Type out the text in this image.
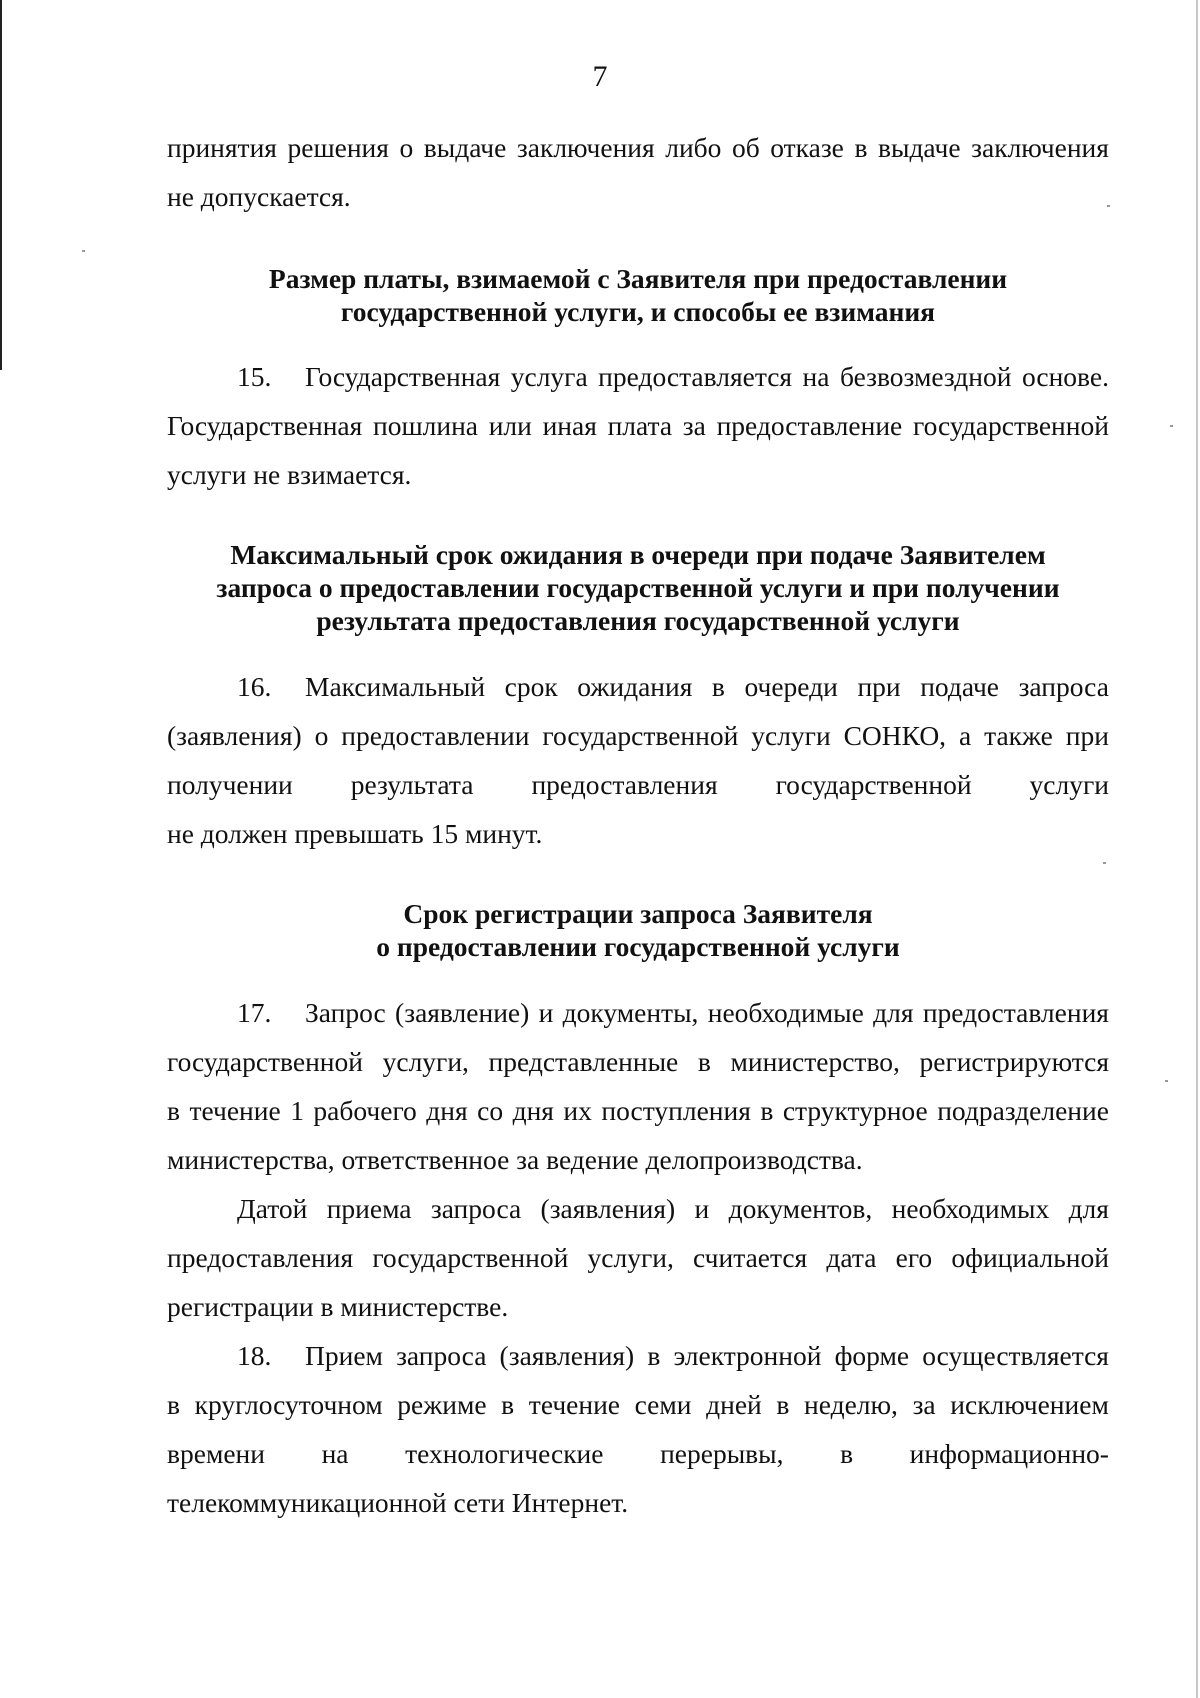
7
принятия решения о выдаче заключения либо об отказе в выдаче заключения
не допускается.
Размер платы, взимаемой с Заявителя при предоставлении
государственной услуги, и способы ее взимания
15.	Государственная услуга предоставляется на безвозмездной основе.
Государственная пошлина или иная плата за предоставление государственной
услуги не взимается.
Максимальный срок ожидания в очереди при подаче Заявителем
запроса о предоставлении государственной услуги и при получении
результата предоставления государственной услуги
16.	Максимальный срок ожидания в очереди при подаче запроса
(заявления) о предоставлении государственной услуги СОНКО, а также при
получении результата предоставления государственной услуги
не должен превышать 15 минут.
Срок регистрации запроса Заявителя
о предоставлении государственной услуги
17.	Запрос (заявление) и документы, необходимые для предоставления
государственной услуги, представленные в министерство, регистрируются
в течение 1 рабочего дня со дня их поступления в структурное подразделение
министерства, ответственное за ведение делопроизводства.
Датой приема запроса (заявления) и документов, необходимых для
предоставления государственной услуги, считается дата его официальной
регистрации в министерстве.
18.	Прием запроса (заявления) в электронной форме осуществляется
в круглосуточном режиме в течение семи дней в неделю, за исключением
времени на технологические перерывы, в информационно-
телекоммуникационной сети Интернет.
